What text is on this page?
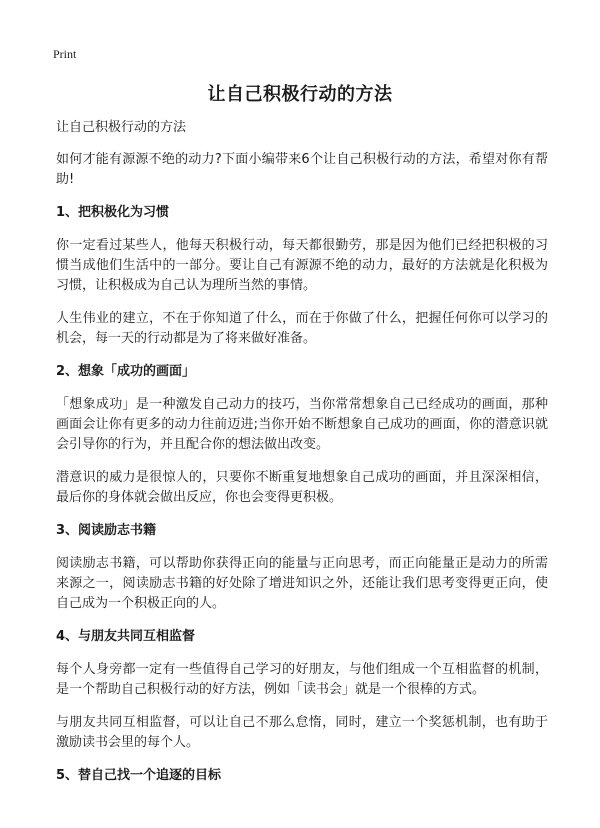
Print
让自己积极行动的方法

让自己积极行动的方法

如何才能有源源不绝的动力?下面小编带来6个让自己积极行动的方法，希望对你有帮助!

1、把积极化为习惯

你一定看过某些人，他每天积极行动，每天都很勤劳，那是因为他们已经把积极的习惯当成他们生活中的一部分。要让自己有源源不绝的动力，最好的方法就是化积极为习惯，让积极成为自己认为理所当然的事情。

人生伟业的建立，不在于你知道了什么，而在于你做了什么，把握任何你可以学习的机会，每一天的行动都是为了将来做好准备。

2、想象「成功的画面」

「想象成功」是一种激发自己动力的技巧，当你常常想象自己已经成功的画面，那种画面会让你有更多的动力往前迈进;当你开始不断想象自己成功的画面，你的潜意识就会引导你的行为，并且配合你的想法做出改变。

潜意识的威力是很惊人的，只要你不断重复地想象自己成功的画面，并且深深相信，最后你的身体就会做出反应，你也会变得更积极。

3、阅读励志书籍

阅读励志书籍，可以帮助你获得正向的能量与正向思考，而正向能量正是动力的所需来源之一，阅读励志书籍的好处除了增进知识之外，还能让我们思考变得更正向，使自己成为一个积极正向的人。

4、与朋友共同互相监督

每个人身旁都一定有一些值得自己学习的好朋友，与他们组成一个互相监督的机制，是一个帮助自己积极行动的好方法，例如「读书会」就是一个很棒的方式。

与朋友共同互相监督，可以让自己不那么怠惰，同时，建立一个奖惩机制，也有助于激励读书会里的每个人。

5、替自己找一个追逐的目标
